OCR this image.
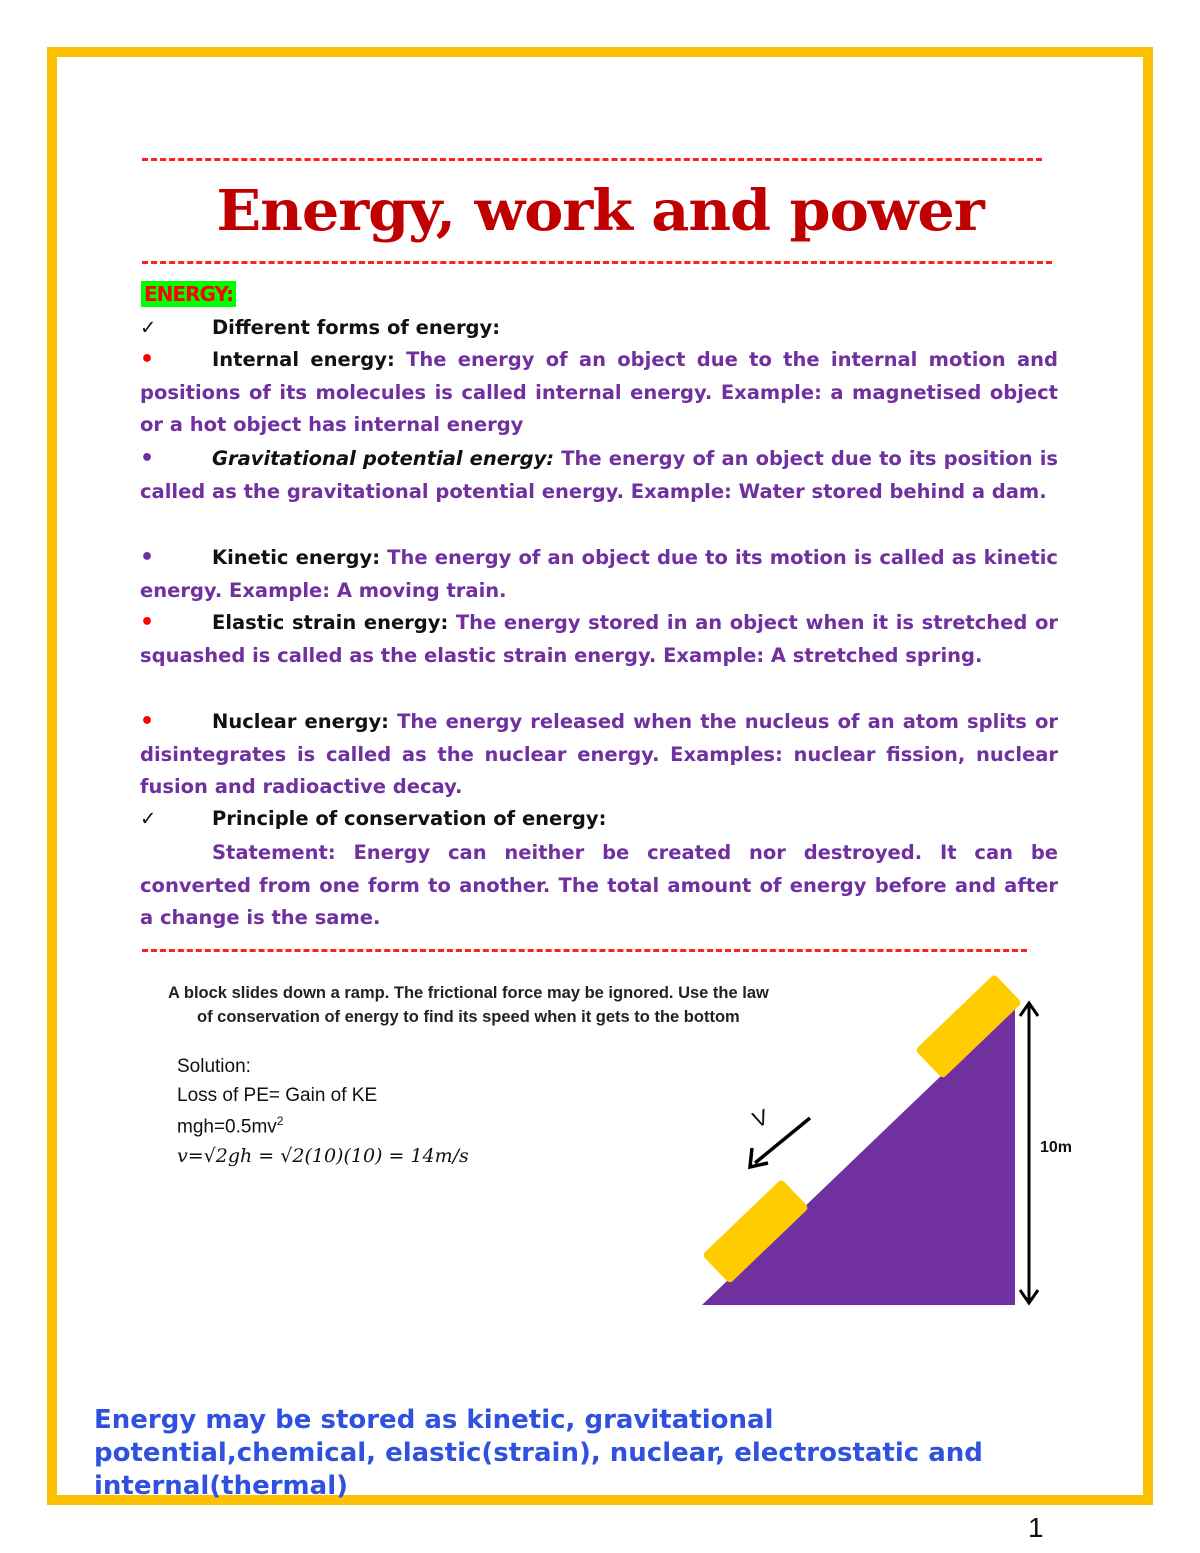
Energy, work and power
ENERGY:
✓	Different forms of energy:
•	Internal energy: The energy of an object due to the internal motion and positions of its molecules is called internal energy. Example: a magnetised object or a hot object has internal energy
•	Gravitational potential energy: The energy of an object due to its position is called as the gravitational potential energy. Example: Water stored behind a dam.
•	Kinetic energy: The energy of an object due to its motion is called as kinetic energy. Example: A moving train.
•	Elastic strain energy: The energy stored in an object when it is stretched or squashed is called as the elastic strain energy. Example: A stretched spring.
•	Nuclear energy: The energy released when the nucleus of an atom splits or disintegrates is called as the nuclear energy. Examples: nuclear fission, nuclear fusion and radioactive decay.
✓	Principle of conservation of energy:
Statement: Energy can neither be created nor destroyed. It can be converted from one form to another. The total amount of energy before and after a change is the same.
A block slides down a ramp. The frictional force may be ignored. Use the law
of conservation of energy to find its speed when it gets to the bottom
Solution:
Loss of PE= Gain of KE
$mgh=0.5mv^2$
v=√2gh = √2(10)(10) = 14m/s	10m
V
Energy may be stored as kinetic, gravitational potential,chemical, elastic(strain), nuclear, electrostatic and internal(thermal)
1
